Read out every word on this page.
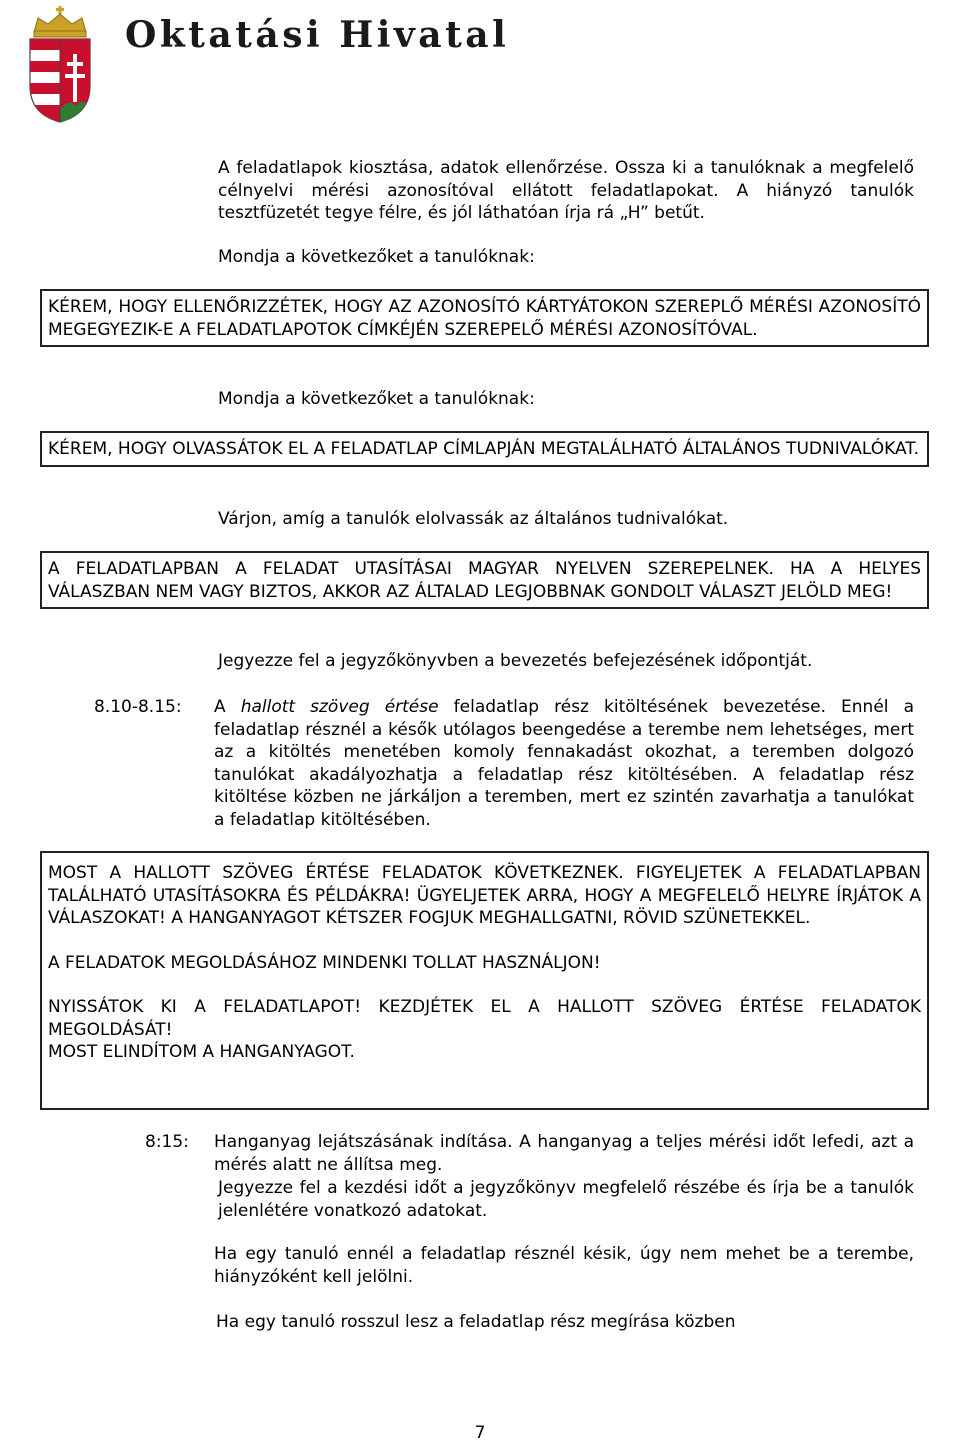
Oktatási Hivatal

A feladatlapok kiosztása, adatok ellenőrzése. Ossza ki a tanulóknak a megfelelő célnyelvi mérési azonosítóval ellátott feladatlapokat. A hiányzó tanulók tesztfüzetét tegye félre, és jól láthatóan írja rá „H” betűt.

Mondja a következőket a tanulóknak:

KÉREM, HOGY ELLENŐRIZZÉTEK, HOGY AZ AZONOSÍTÓ KÁRTYÁTOKON SZEREPLŐ MÉRÉSI AZONOSÍTÓ MEGEGYEZIK-E A FELADATLAPOTOK CÍMKÉJÉN SZEREPELŐ MÉRÉSI AZONOSÍTÓVAL.

Mondja a következőket a tanulóknak:

KÉREM, HOGY OLVASSÁTOK EL A FELADATLAP CÍMLAPJÁN MEGTALÁLHATÓ ÁLTALÁNOS TUDNIVALÓKAT.

Várjon, amíg a tanulók elolvassák az általános tudnivalókat.

A FELADATLAPBAN A FELADAT UTASÍTÁSAI MAGYAR NYELVEN SZEREPELNEK. HA A HELYES VÁLASZBAN NEM VAGY BIZTOS, AKKOR AZ ÁLTALAD LEGJOBBNAK GONDOLT VÁLASZT JELÖLD MEG!

Jegyezze fel a jegyzőkönyvben a bevezetés befejezésének időpontját.

8.10-8.15: A hallott szöveg értése feladatlap rész kitöltésének bevezetése. Ennél a feladatlap résznél a késők utólagos beengedése a terembe nem lehetséges, mert az a kitöltés menetében komoly fennakadást okozhat, a teremben dolgozó tanulókat akadályozhatja a feladatlap rész kitöltésében. A feladatlap rész kitöltése közben ne járkáljon a teremben, mert ez szintén zavarhatja a tanulókat a feladatlap kitöltésében.

MOST A HALLOTT SZÖVEG ÉRTÉSE FELADATOK KÖVETKEZNEK. FIGYELJETEK A FELADATLAPBAN TALÁLHATÓ UTASÍTÁSOKRA ÉS PÉLDÁKRA! ÜGYELJETEK ARRA, HOGY A MEGFELELŐ HELYRE ÍRJÁTOK A VÁLASZOKAT! A HANGANYAGOT KÉTSZER FOGJUK MEGHALLGATNI, RÖVID SZÜNETEKKEL.

A FELADATOK MEGOLDÁSÁHOZ MINDENKI TOLLAT HASZNÁLJON!

NYISSÁTOK KI A FELADATLAPOT! KEZDJÉTEK EL A HALLOTT SZÖVEG ÉRTÉSE FELADATOK MEGOLDÁSÁT!
MOST ELINDÍTOM A HANGANYAGOT.

8:15: Hanganyag lejátszásának indítása. A hanganyag a teljes mérési időt lefedi, azt a mérés alatt ne állítsa meg.

Jegyezze fel a kezdési időt a jegyzőkönyv megfelelő részébe és írja be a tanulók jelenlétére vonatkozó adatokat.

Ha egy tanuló ennél a feladatlap résznél késik, úgy nem mehet be a terembe, hiányzóként kell jelölni.

Ha egy tanuló rosszul lesz a feladatlap rész megírása közben

7
